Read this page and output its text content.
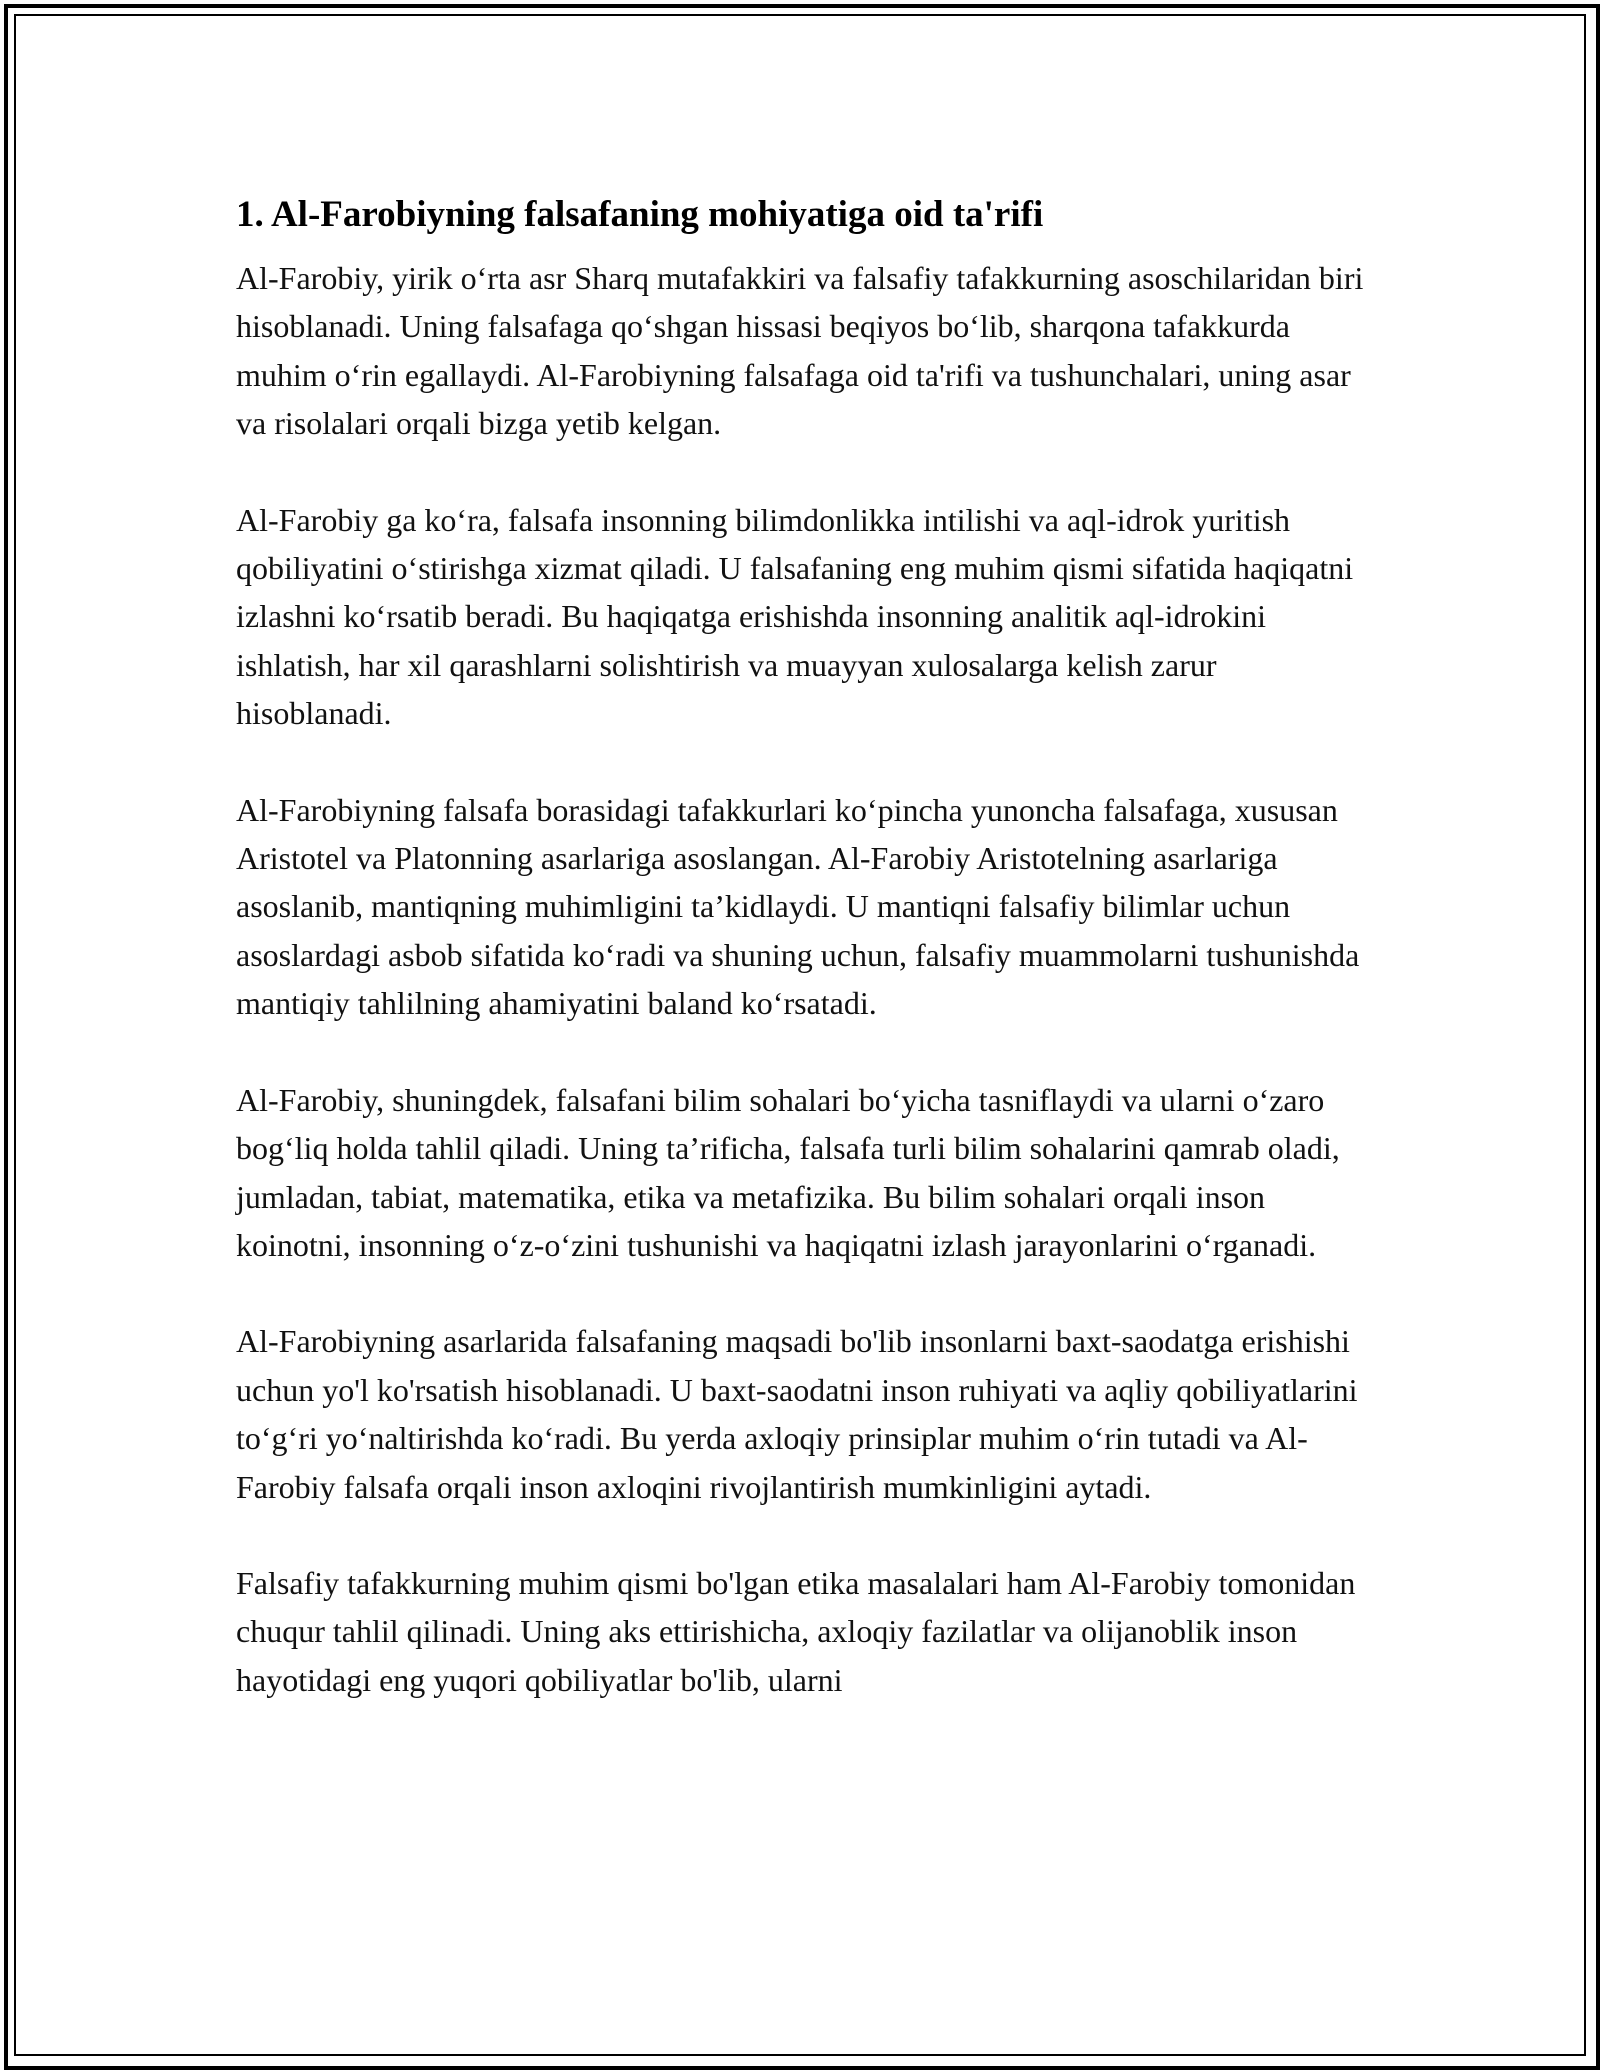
1. Al-Farobiyning falsafaning mohiyatiga oid ta'rifi

Al-Farobiy, yirik o‘rta asr Sharq mutafakkiri va falsafiy tafakkurning asoschilaridan biri hisoblanadi. Uning falsafaga qo‘shgan hissasi beqiyos bo‘lib, sharqona tafakkurda muhim o‘rin egallaydi. Al-Farobiyning falsafaga oid ta'rifi va tushunchalari, uning asar va risolalari orqali bizga yetib kelgan.

Al-Farobiy ga ko‘ra, falsafa insonning bilimdonlikka intilishi va aql-idrok yuritish qobiliyatini o‘stirishga xizmat qiladi. U falsafaning eng muhim qismi sifatida haqiqatni izlashni ko‘rsatib beradi. Bu haqiqatga erishishda insonning analitik aql-idrokini ishlatish, har xil qarashlarni solishtirish va muayyan xulosalarga kelish zarur hisoblanadi.

Al-Farobiyning falsafa borasidagi tafakkurlari ko‘pincha yunoncha falsafaga, xususan Aristotel va Platonning asarlariga asoslangan. Al-Farobiy Aristotelning asarlariga asoslanib, mantiqning muhimligini ta’kidlaydi. U mantiqni falsafiy bilimlar uchun asoslardagi asbob sifatida ko‘radi va shuning uchun, falsafiy muammolarni tushunishda mantiqiy tahlilning ahamiyatini baland ko‘rsatadi.

Al-Farobiy, shuningdek, falsafani bilim sohalari bo‘yicha tasniflaydi va ularni o‘zaro bog‘liq holda tahlil qiladi. Uning ta’rificha, falsafa turli bilim sohalarini qamrab oladi, jumladan, tabiat, matematika, etika va metafizika. Bu bilim sohalari orqali inson koinotni, insonning o‘z-o‘zini tushunishi va haqiqatni izlash jarayonlarini o‘rganadi.

Al-Farobiyning asarlarida falsafaning maqsadi bo'lib insonlarni baxt-saodatga erishishi uchun yo'l ko'rsatish hisoblanadi. U baxt-saodatni inson ruhiyati va aqliy qobiliyatlarini to‘g‘ri yo‘naltirishda ko‘radi. Bu yerda axloqiy prinsiplar muhim o‘rin tutadi va Al-Farobiy falsafa orqali inson axloqini rivojlantirish mumkinligini aytadi.

Falsafiy tafakkurning muhim qismi bo'lgan etika masalalari ham Al-Farobiy tomonidan chuqur tahlil qilinadi. Uning aks ettirishicha, axloqiy fazilatlar va olijanoblik inson hayotidagi eng yuqori qobiliyatlar bo'lib, ularni
